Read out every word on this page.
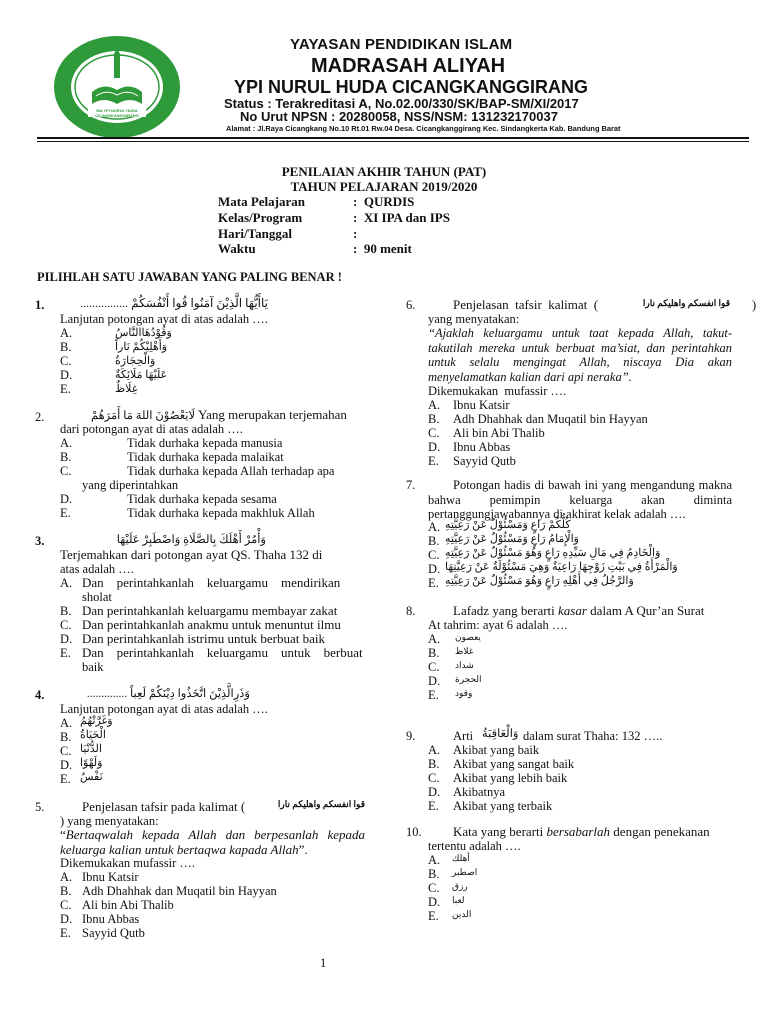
MA YPI NURUL HUDA CICANGKANGGIRANG
YAYASAN PENDIDIKAN ISLAM
MADRASAH ALIYAH
YPI NURUL HUDA CICANGKANGGIRANG
Status : Terakreditasi A, No.02.00/330/SK/BAP-SM/XI/2017
No Urut NPSN : 20280058, NSS/NSM: 131232170037
Alamat : Jl.Raya Cicangkang No.10 Rt.01 Rw.04 Desa. Cicangkanggirang Kec. Sindangkerta Kab. Bandung Barat
PENILAIAN AKHIR TAHUN (PAT)
TAHUN PELAJARAN 2019/2020
Mata Pelajaran	:  QURDIS
Kelas/Program	:  XI IPA dan IPS
Hari/Tanggal	:
Waktu	:  90 menit
PILIHLAH SATU JAWABAN YANG PALING BENAR !
1.	يَاأَيُّهَا الَّذِيْنَ آمَنُوا قُوا أَنْفُسَكُمْ ................
Lanjutan potongan ayat di atas adalah ….
A.	وَقُوْدُهَاالنَّاسُ
B.	وَأَهْلِيْكُمْ نَاراً
C.	وَالْحِجَارَةُ
D.	عَلَيْهَا مَلَائِكَةٌ
E.	غِلَاظٌ
2.	لَايَعْصُوْنَ اللهَ مَا أَمَرَهُمْ Yang merupakan terjemahan
dari potongan ayat di atas adalah ….
A.	Tidak durhaka kepada manusia
B.	Tidak durhaka kepada malaikat
C.	Tidak durhaka kepada Allah terhadap apa
yang diperintahkan
D.	Tidak durhaka kepada sesama
E.	Tidak durhaka kepada makhluk Allah
3.	وَأْمُرْ أَهْلَكَ بِالصَّلَاةِ وَاصْطَبِرْ عَلَيْهَا
Terjemahkan dari potongan ayat QS. Thaha 132 di
atas adalah ….
A. Dan    perintahkanlah    keluargamu    mendirikan
sholat
B. Dan perintahkanlah keluargamu membayar zakat
C. Dan perintahkanlah anakmu untuk menuntut ilmu
D. Dan perintahkanlah istrimu untuk berbuat baik
E. Dan    perintahkanlah    keluargamu    untuk    berbuat
baik
4.	وَذَرِالَّذِيْنَ اتَّخَذُوا دِيْنَكُمْ لَعِباً ..............
Lanjutan potongan ayat di atas adalah ….
A. وَغَرَّتْهُمُ
B. الْحَيَاةُ
C. الدُّنْيَا
D. وَلَهْوًا
E. نَفْسٌ
5.	Penjelasan tafsir pada kalimat (	قوا انفسكم واهليكم نارا
) yang menyatakan:
“Bertaqwalah kepada Allah dan berpesanlah kepada keluarga kalian untuk bertaqwa kapada Allah”.
Dikemukakan mufassir ….
A. Ibnu Katsir
B. Adh Dhahhak dan Muqatil bin Hayyan
C. Ali bin Abi Thalib
D. Ibnu Abbas
E. Sayyid Qutb
6.	Penjelasan  tafsir  kalimat  (	قوا انفسكم واهليكم نارا )
yang menyatakan:
“Ajaklah keluargamu untuk taat kepada Allah, takut-takutilah mereka untuk berbuat ma’siat, dan perintahkan untuk selalu mengingat Allah, niscaya Dia akan menyelamatkan kalian dari api neraka”.
Dikemukakan  mufassir ….
A. Ibnu Katsir
B. Adh Dhahhak dan Muqatil bin Hayyan
C. Ali bin Abi Thalib
D. Ibnu Abbas
E. Sayyid Qutb
7.	Potongan hadis di bawah ini yang mengandung makna bahwa pemimpin keluarga akan diminta pertanggungjawabannya di akhirat kelak adalah ….
A. كُلُّكُمْ رَاعٍ وَمَسْئُوْلٌ عَنْ رَعِيَّتِهِ
B. وَالْإِمَامُ رَاعٍ وَمَسْئُوْلٌ عَنْ رَعِيَّتِهِ
C. وَالْخَادِمُ فِي مَالِ سَيِّدِهِ رَاعٍ وَهُوَ مَسْئُوْلٌ عَنْ رَعِيَّتِهِ
D. وَالْمَرْأَةُ فِي بَيْتِ زَوْجِهَا رَاعِيَةٌ وَهِيَ مَسْئُوْلَةٌ عَنْ رَعِيَّتِهَا
E. وَالرَّجُلُ فِي أَهْلِهِ رَاعٍ وَهُوَ مَسْئُوْلٌ عَنْ رَعِيَّتِهِ
8.	Lafadz yang berarti kasar dalam A Qur’an Surat
At tahrim: ayat 6 adalah ….
A. يعصون
B. غلاظ
C. شداد
D. الحجرة
E. وقود
9.	Arti وَالْعَاقِبَةُ dalam surat Thaha: 132 …..
A. Akibat yang baik
B. Akibat yang sangat baik
C. Akibat yang lebih baik
D. Akibatnya
E. Akibat yang terbaik
10. Kata yang berarti bersabarlah dengan penekanan
tertentu adalah ….
A. أهلك
B. اصطبر
C. رزق
D. لعبا
E. الدين
1
